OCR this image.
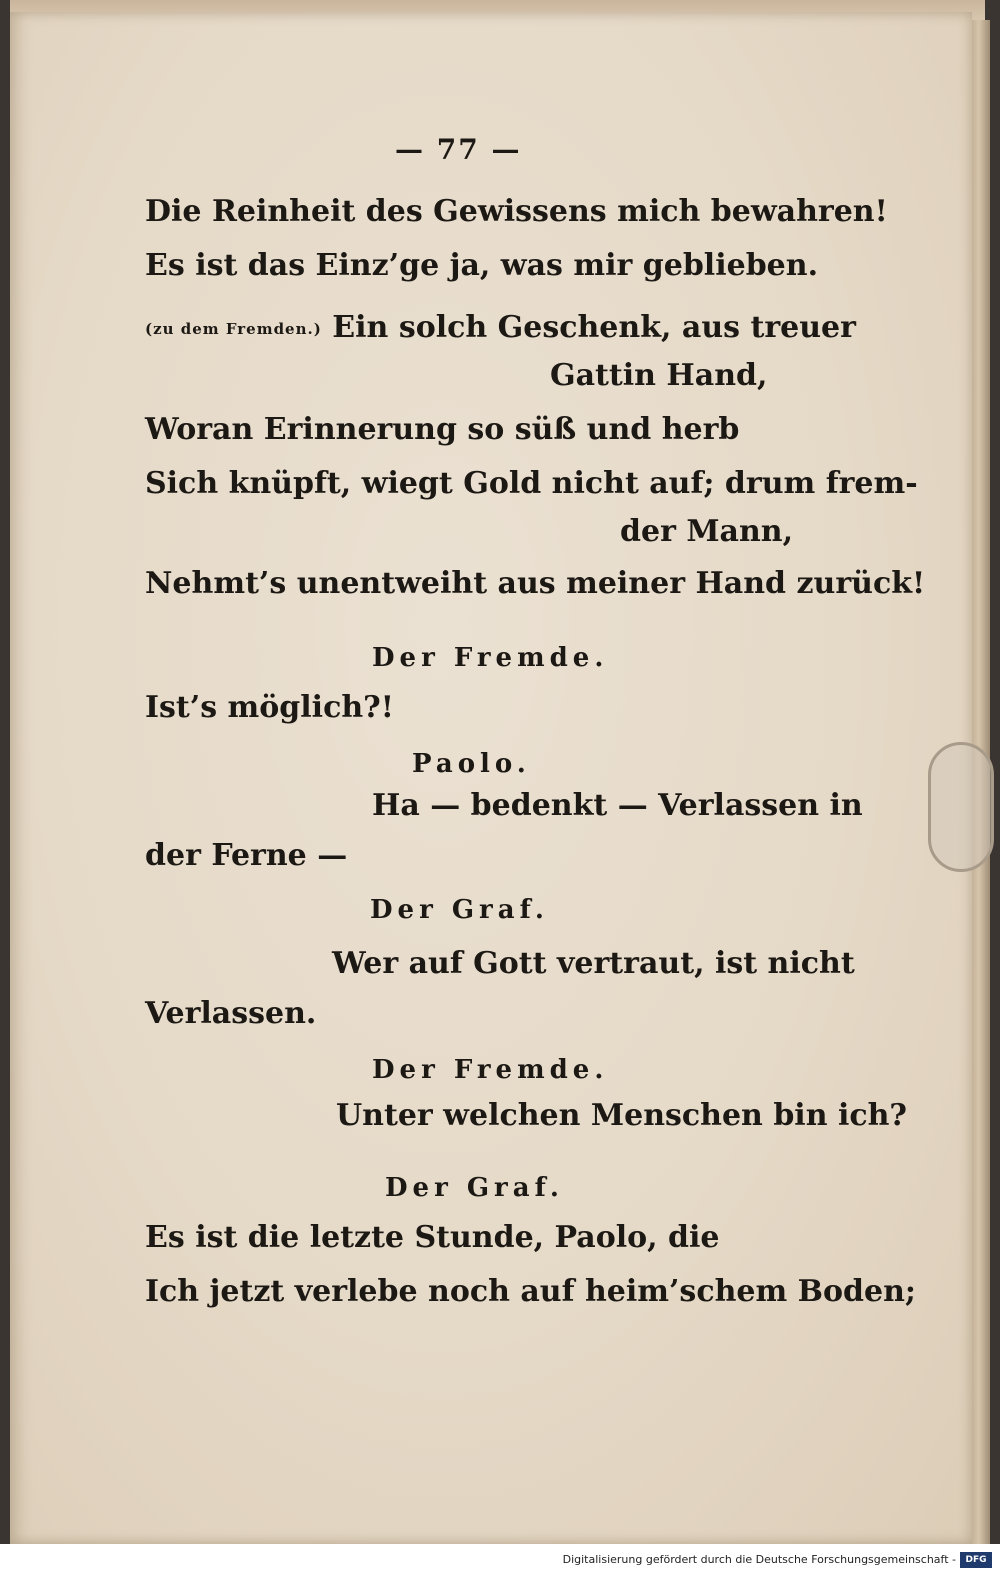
— 77 —
Die Reinheit des Gewissens mich bewahren!
Es ist das Einz’ge ja, was mir geblieben.
(zu dem Fremden.) Ein solch Geschenk, aus treuer
Gattin Hand,
Woran Erinnerung so süß und herb
Sich knüpft, wiegt Gold nicht auf; drum frem-
der Mann,
Nehmt’s unentweiht aus meiner Hand zurück!
Der Fremde.
Ist’s möglich?!
Paolo.
Ha — bedenkt — Verlassen in
der Ferne —
Der Graf.
Wer auf Gott vertraut, ist nicht
Verlassen.
Der Fremde.
Unter welchen Menschen bin ich?
Der Graf.
Es ist die letzte Stunde, Paolo, die
Ich jetzt verlebe noch auf heim’schem Boden;
Digitalisierung gefördert durch die Deutsche Forschungsgemeinschaft -	DFG
